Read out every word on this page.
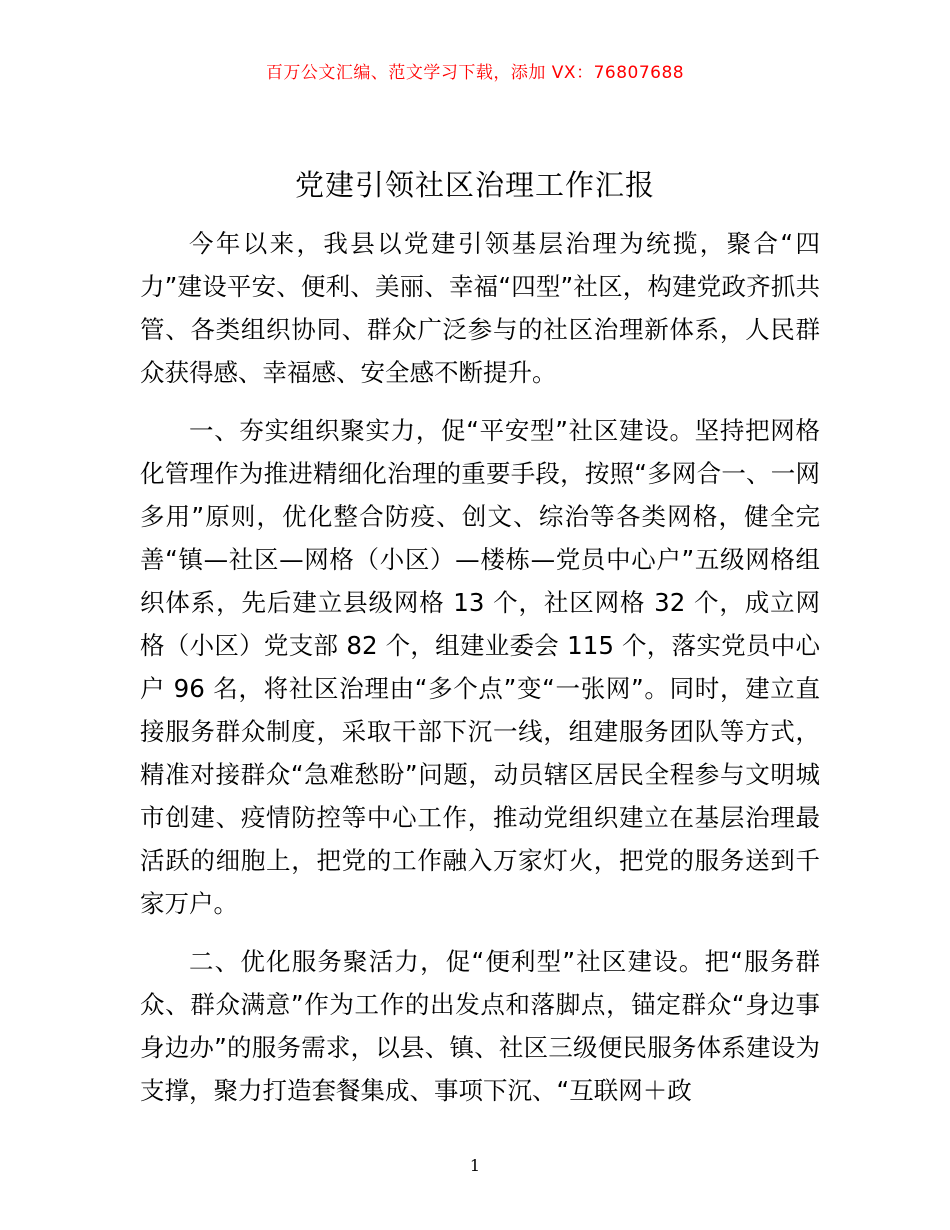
百万公文汇编、范文学习下载，添加 VX：76807688
党建引领社区治理工作汇报

今年以来，我县以党建引领基层治理为统揽，聚合“四力”建设平安、便利、美丽、幸福“四型”社区，构建党政齐抓共管、各类组织协同、群众广泛参与的社区治理新体系，人民群众获得感、幸福感、安全感不断提升。

一、夯实组织聚实力，促“平安型”社区建设。坚持把网格化管理作为推进精细化治理的重要手段，按照“多网合一、一网多用”原则，优化整合防疫、创文、综治等各类网格，健全完善“镇—社区—网格（小区）—楼栋—党员中心户”五级网格组织体系，先后建立县级网格 13 个，社区网格 32 个，成立网格（小区）党支部 82 个，组建业委会 115 个，落实党员中心户 96 名，将社区治理由“多个点”变“一张网”。同时，建立直接服务群众制度，采取干部下沉一线，组建服务团队等方式，精准对接群众“急难愁盼”问题，动员辖区居民全程参与文明城市创建、疫情防控等中心工作，推动党组织建立在基层治理最活跃的细胞上，把党的工作融入万家灯火，把党的服务送到千家万户。

二、优化服务聚活力，促“便利型”社区建设。把“服务群众、群众满意”作为工作的出发点和落脚点，锚定群众“身边事身边办”的服务需求，以县、镇、社区三级便民服务体系建设为支撑，聚力打造套餐集成、事项下沉、“互联网＋政

1
